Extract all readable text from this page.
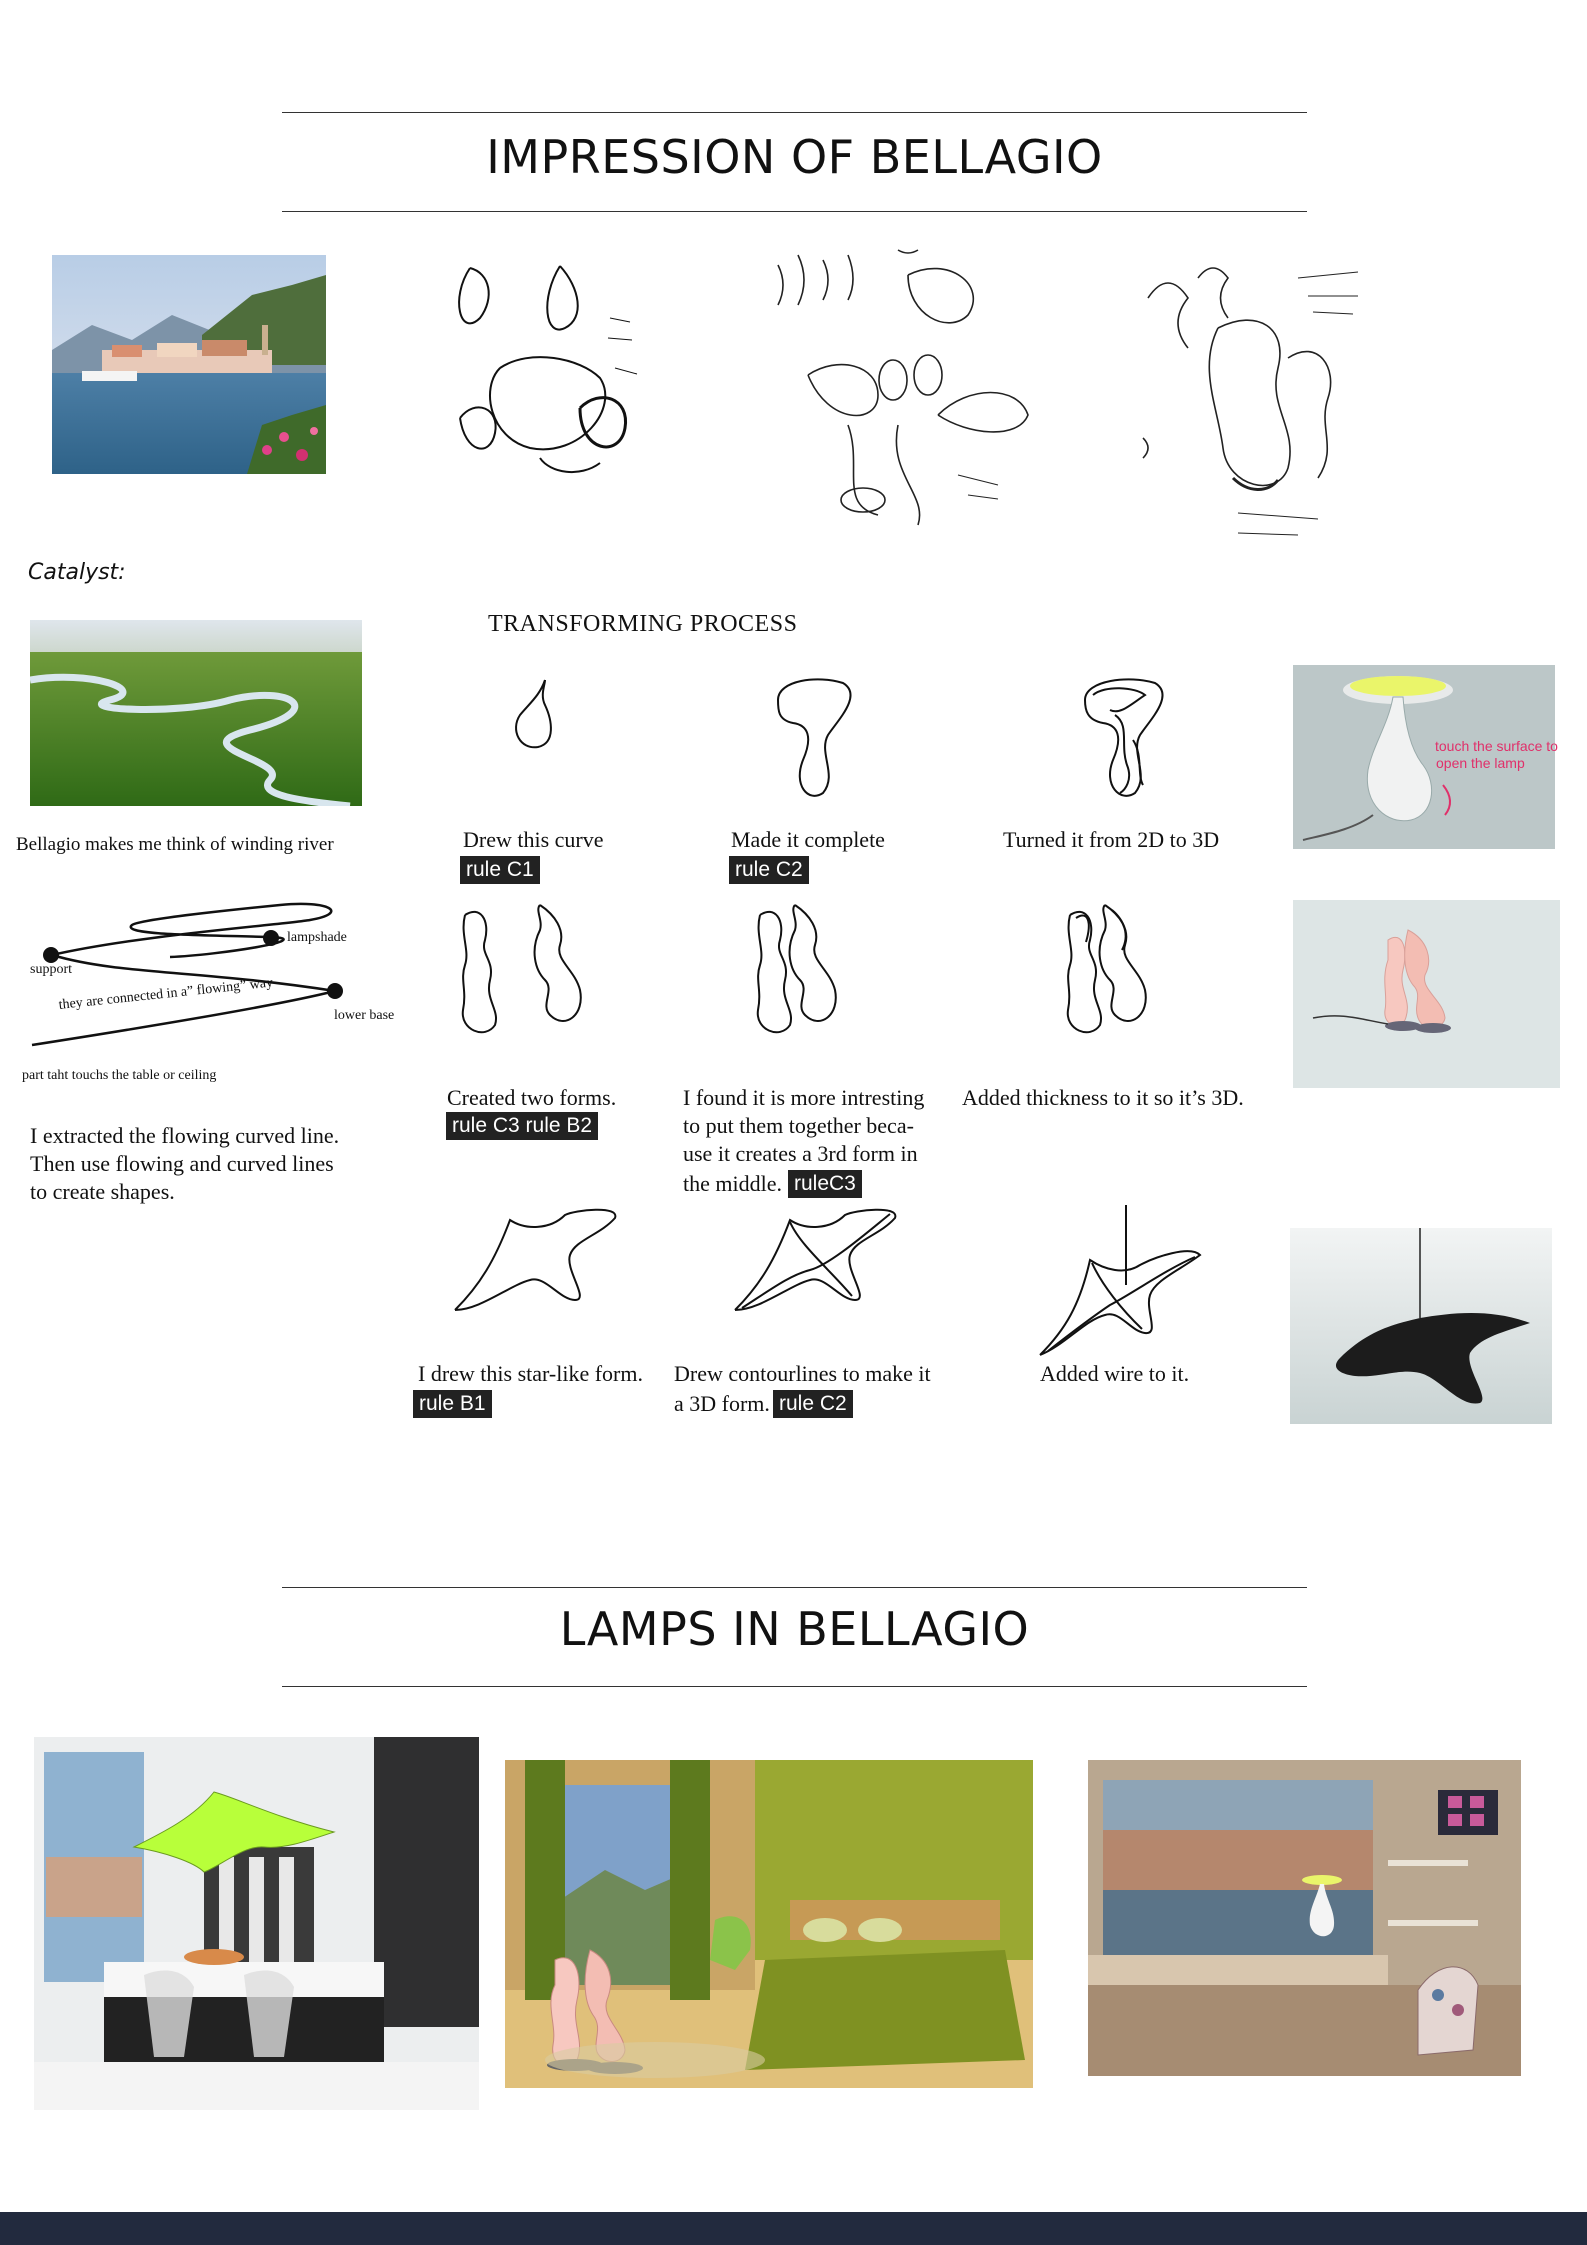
IMPRESSION OF BELLAGIO
Catalyst:
Bellagio makes me think of winding river
lampshade
support
they are connected in a” flowing” way
lower base
part taht touchs the table or ceiling
I extracted the flowing curved line.
Then use flowing and curved lines
to create shapes.
TRANSFORMING PROCESS
Drew this curve
rule C1
Made it complete
rule C2
Turned it from 2D to 3D
touch the surface to
open the lamp
Created two forms.
rule C3 rule B2
I found it is more intresting
to put them together beca-
use it creates a 3rd form in
the middle. ruleC3
Added thickness to it so it’s 3D.
I drew this star-like form.
rule B1
Drew contourlines to make it
a 3D form. rule C2
Added wire to it.
LAMPS IN BELLAGIO
